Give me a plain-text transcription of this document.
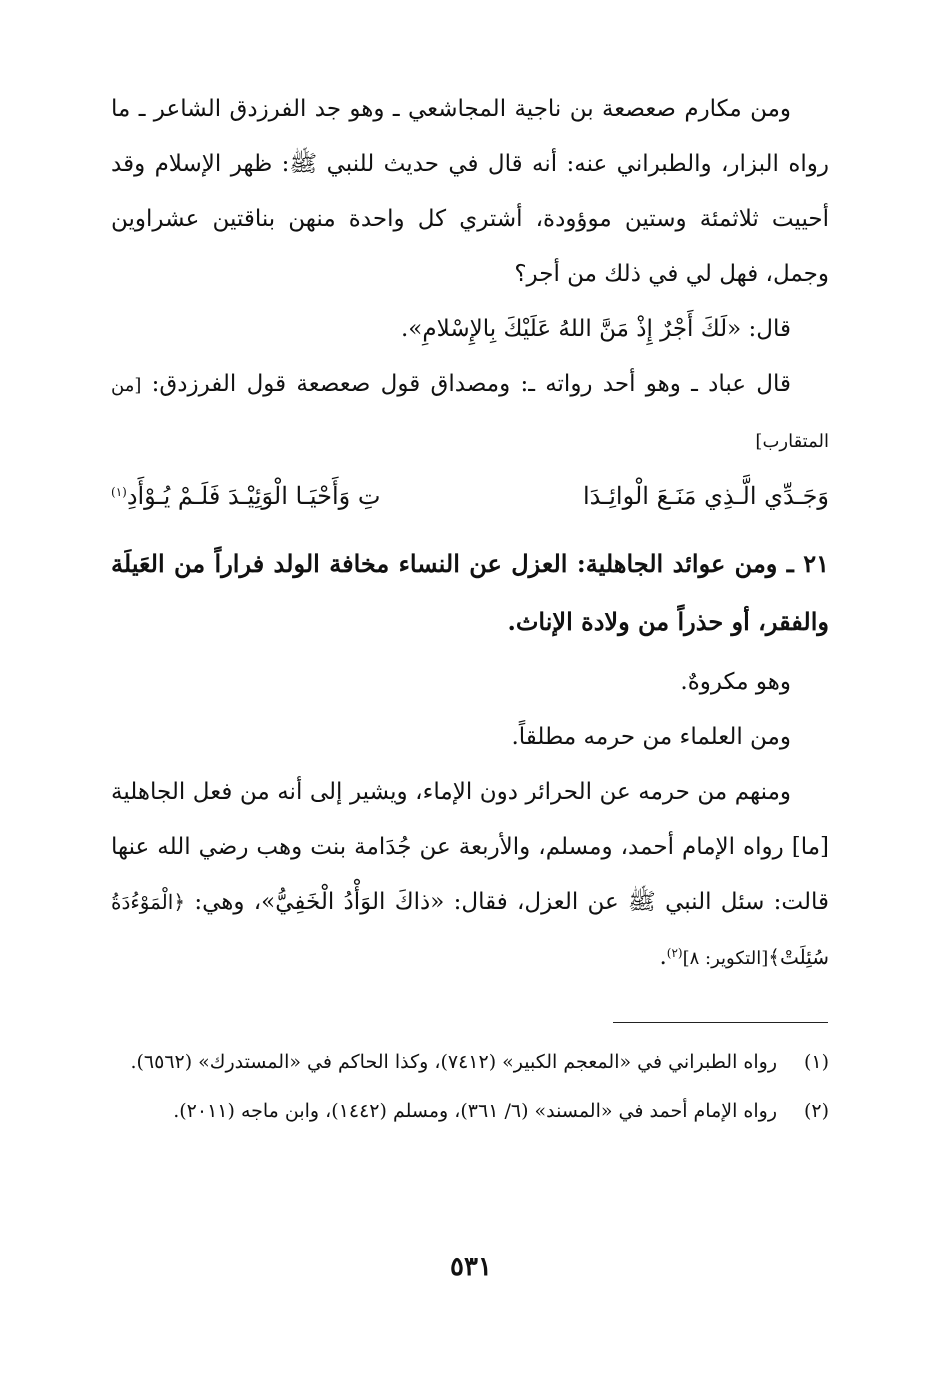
ومن مكارم صعصعة بن ناجية المجاشعي ـ وهو جد الفرزدق الشاعر ـ ما رواه البزار، والطبراني عنه: أنه قال في حديث للنبي ﷺ: ظهر الإسلام وقد أحييت ثلاثمئة وستين موؤودة، أشتري كل واحدة منهن بناقتين عشراوين وجمل، فهل لي في ذلك من أجر؟

قال: «لَكَ أَجْرٌ إِذْ مَنَّ اللهُ عَلَيْكَ بِالإِسْلامِ».

قال عباد ـ وهو أحد رواته ـ: ومصداق قول صعصعة قول الفرزدق: [من المتقارب]

وَجَـدِّي الَّـذِي مَنَـعَ الْوائِـدَا
تِ وَأَحْيَـا الْوَئِيْـدَ فَلَـمْ يُـوْأَدِ$^{(١)}$

٢١ ـ ومن عوائد الجاهلية: العزل عن النساء مخافة الولد فراراً من العَيلَة والفقر، أو حذراً من ولادة الإناث.

وهو مكروهٌ.

ومن العلماء من حرمه مطلقاً.

ومنهم من حرمه عن الحرائر دون الإماء، ويشير إلى أنه من فعل الجاهلية [ما] رواه الإمام أحمد، ومسلم، والأربعة عن جُدَامة بنت وهب رضي الله عنها قالت: سئل النبي ﷺ عن العزل، فقال: «ذاكَ الوَأْدُ الْخَفِيُّ»، وهي: ﴿الْمَوْءُدَةُ سُئِلَتْ﴾[التكوير: ٨]$^{(٢)}$.

(١)
رواه الطبراني في «المعجم الكبير» (٧٤١٢)، وكذا الحاكم في «المستدرك» (٦٥٦٢).
(٢)
رواه الإمام أحمد في «المسند» (٦/ ٣٦١)، ومسلم (١٤٤٢)، وابن ماجه (٢٠١١).
٥٣١
